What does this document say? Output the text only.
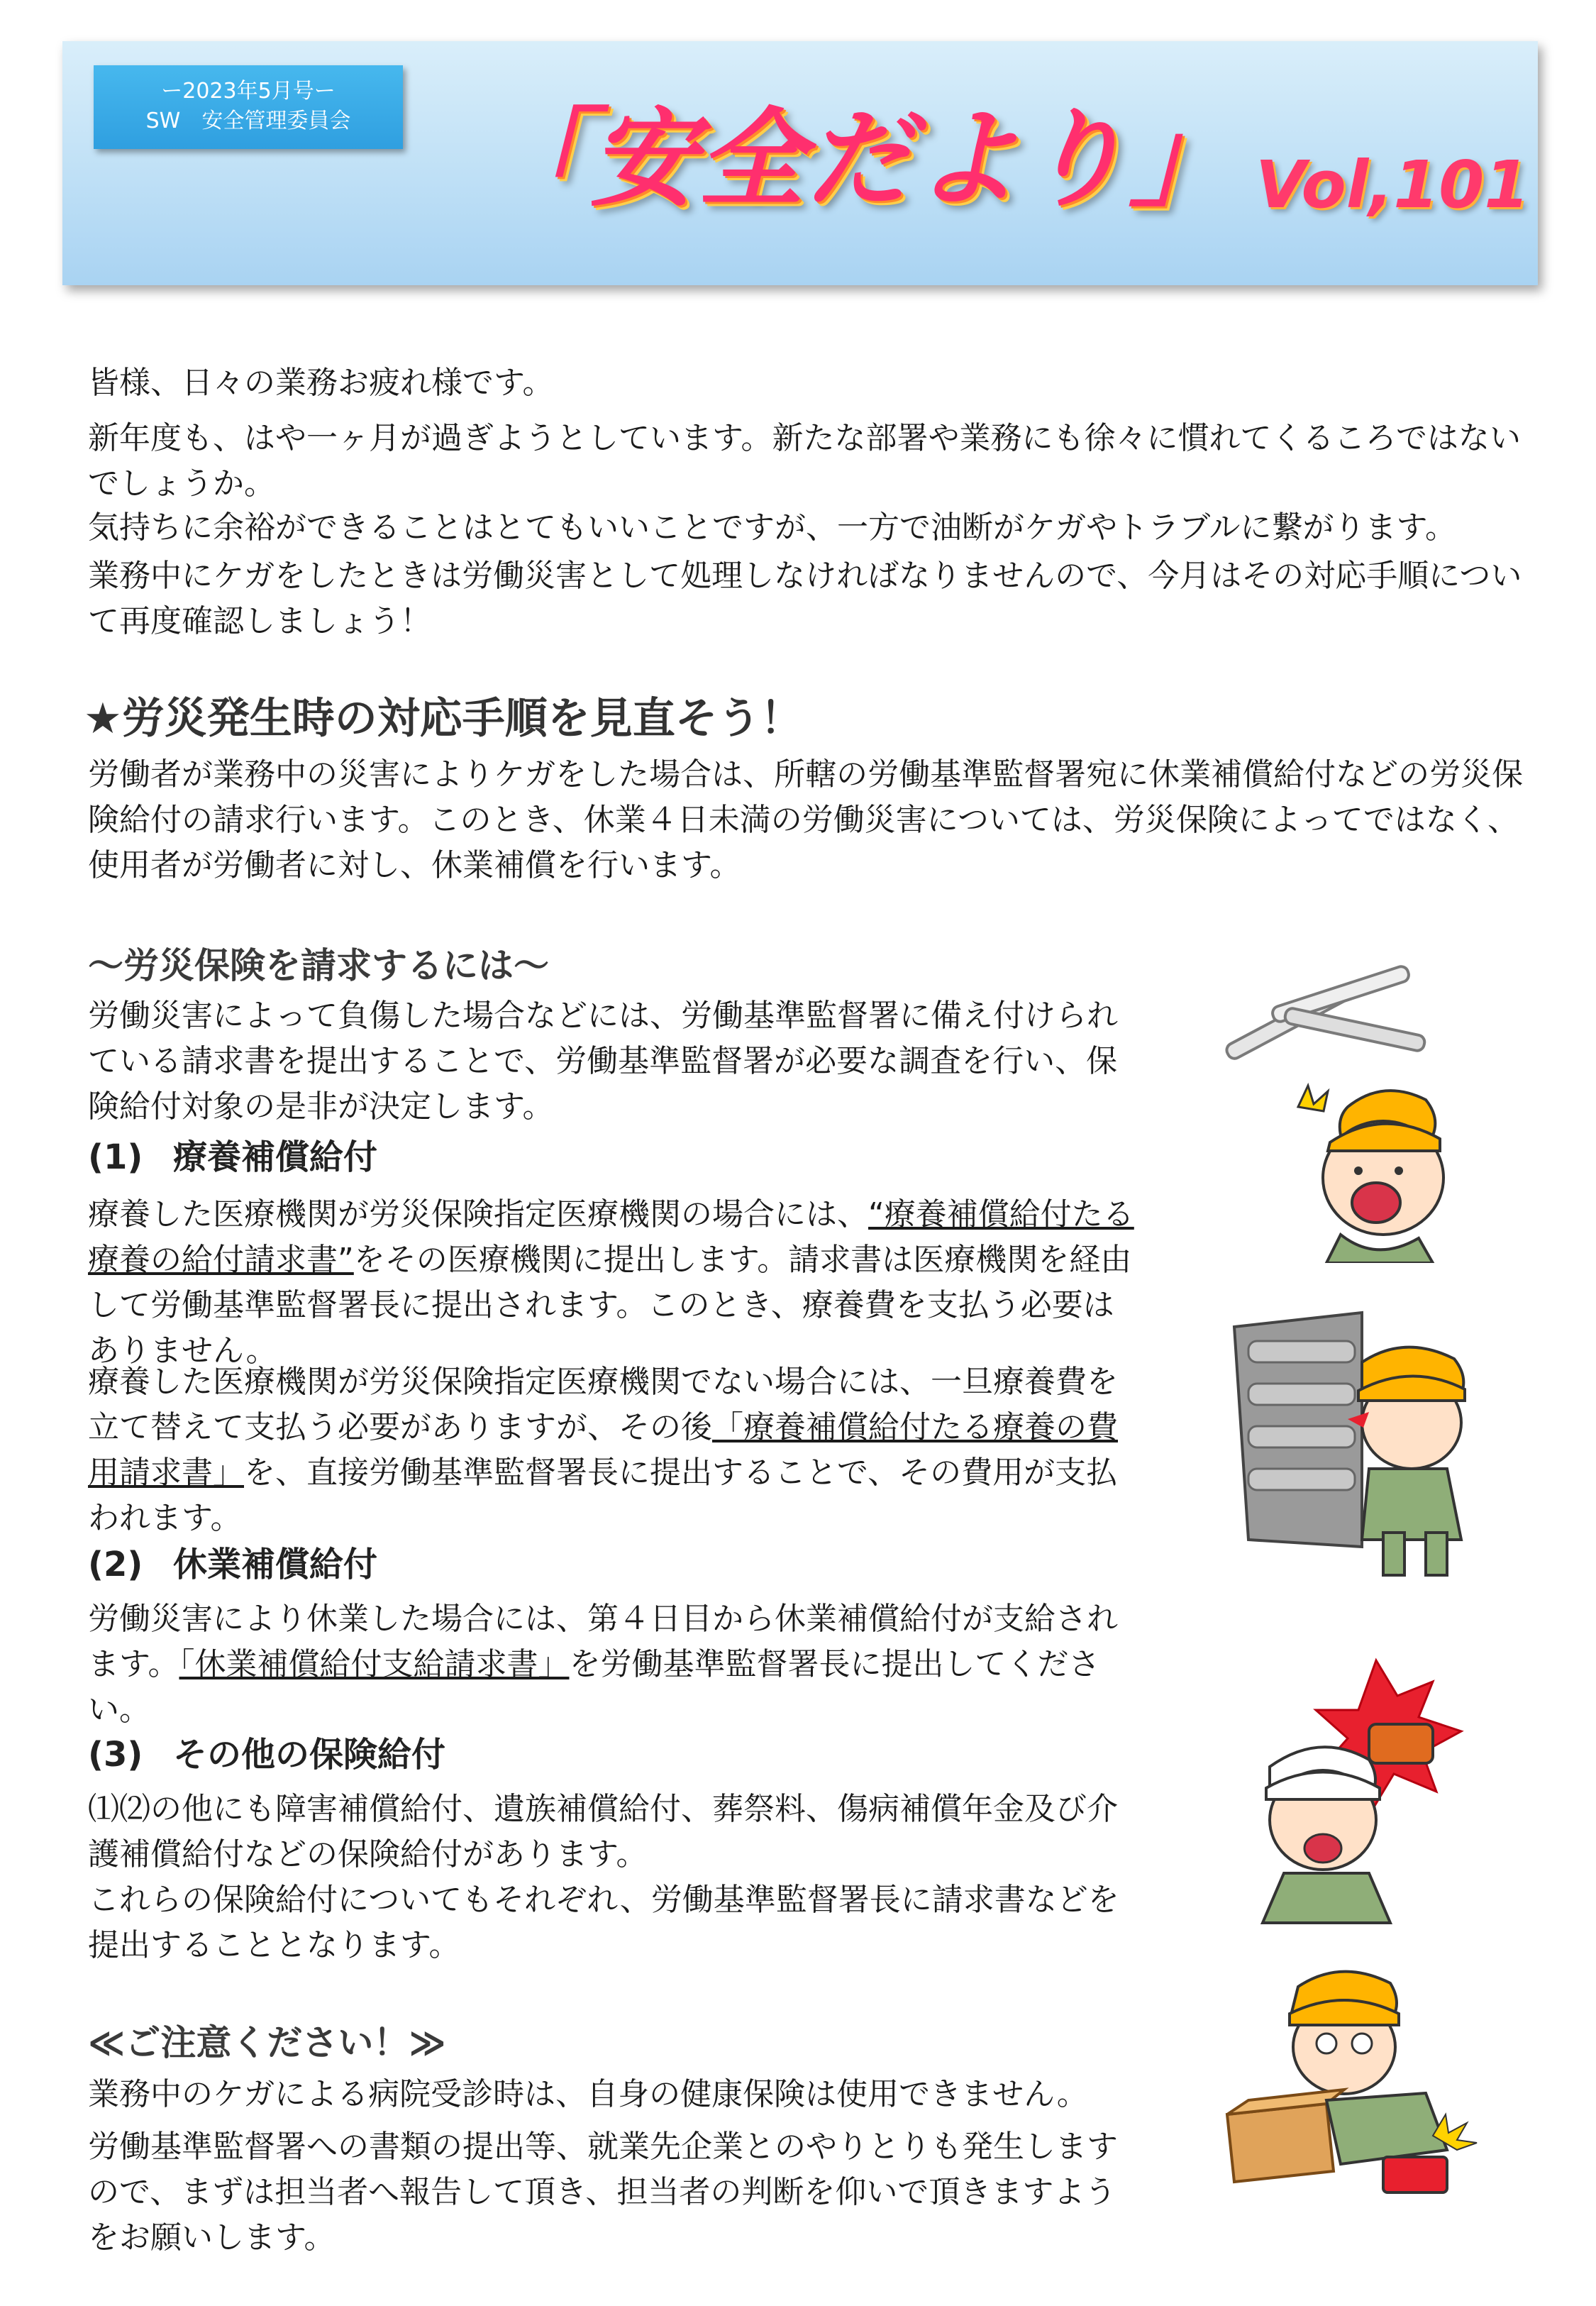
ー2023年5月号ー
SW　安全管理委員会	「安全だより」 Vol,101

皆様、日々の業務お疲れ様です。

新年度も、はや一ヶ月が過ぎようとしています。新たな部署や業務にも徐々に慣れてくるころではないでしょうか。

気持ちに余裕ができることはとてもいいことですが、一方で油断がケガやトラブルに繋がります。

業務中にケガをしたときは労働災害として処理しなければなりませんので、今月はその対応手順について再度確認しましょう！

★労災発生時の対応手順を見直そう！

労働者が業務中の災害によりケガをした場合は、所轄の労働基準監督署宛に休業補償給付などの労災保険給付の請求行います。このとき、休業４日未満の労働災害については、労災保険によってではなく、使用者が労働者に対し、休業補償を行います。

～労災保険を請求するには～

労働災害によって負傷した場合などには、労働基準監督署に備え付けられている請求書を提出することで、労働基準監督署が必要な調査を行い、保険給付対象の是非が決定します。

(1) 療養補償給付

療養した医療機関が労災保険指定医療機関の場合には、“療養補償給付たる療養の給付請求書”をその医療機関に提出します。請求書は医療機関を経由して労働基準監督署長に提出されます。このとき、療養費を支払う必要はありません。

療養した医療機関が労災保険指定医療機関でない場合には、一旦療養費を立て替えて支払う必要がありますが、その後「療養補償給付たる療養の費用請求書」を、直接労働基準監督署長に提出することで、その費用が支払われます。

(2) 休業補償給付

労働災害により休業した場合には、第４日目から休業補償給付が支給されます。「休業補償給付支給請求書」を労働基準監督署長に提出してください。

(3) その他の保険給付

⑴⑵の他にも障害補償給付、遺族補償給付、葬祭料、傷病補償年金及び介護補償給付などの保険給付があります。

これらの保険給付についてもそれぞれ、労働基準監督署長に請求書などを提出することとなります。

≪ご注意ください！≫

業務中のケガによる病院受診時は、自身の健康保険は使用できません。

労働基準監督署への書類の提出等、就業先企業とのやりとりも発生しますので、まずは担当者へ報告して頂き、担当者の判断を仰いで頂きますようをお願いします。
